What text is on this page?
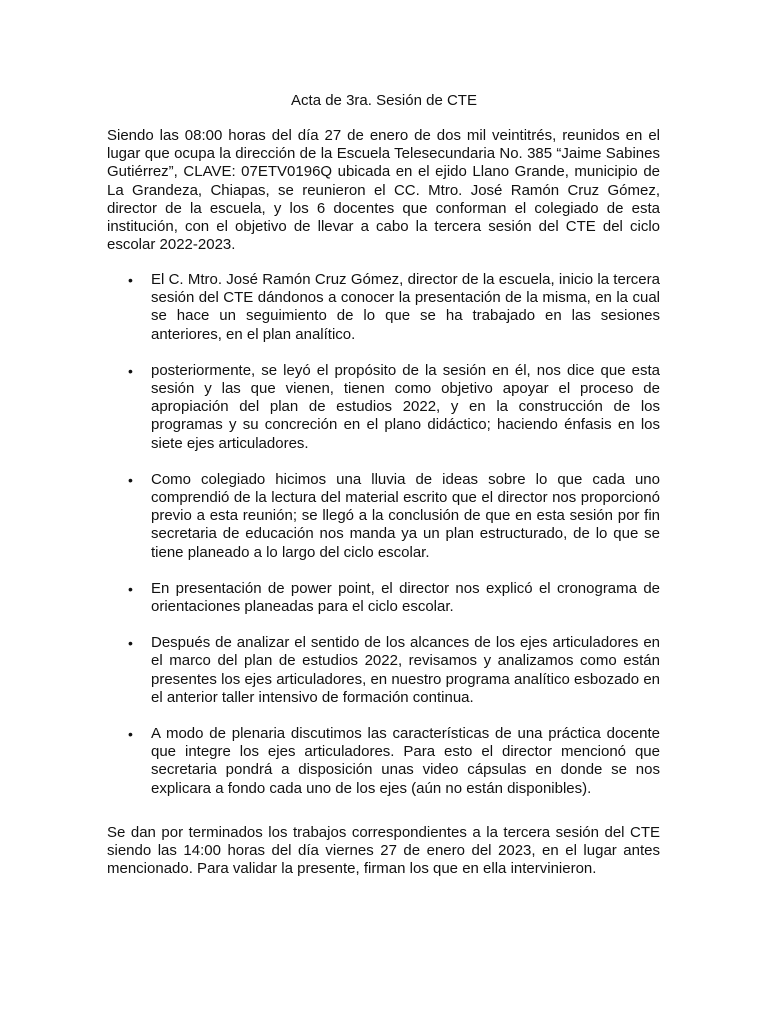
Acta de 3ra. Sesión de CTE

Siendo las 08:00 horas del día 27 de enero de dos mil veintitrés, reunidos en el lugar que ocupa la dirección de la Escuela Telesecundaria No. 385 “Jaime Sabines Gutiérrez”, CLAVE: 07ETV0196Q ubicada en el ejido Llano Grande, municipio de La Grandeza, Chiapas, se reunieron el CC. Mtro. José Ramón Cruz Gómez, director de la escuela, y los 6 docentes que conforman el colegiado de esta institución, con el objetivo de llevar a cabo la tercera sesión del CTE del ciclo escolar 2022-2023.

• El C. Mtro. José Ramón Cruz Gómez, director de la escuela, inicio la tercera sesión del CTE dándonos a conocer la presentación de la misma, en la cual se hace un seguimiento de lo que se ha trabajado en las sesiones anteriores, en el plan analítico.
• posteriormente, se leyó el propósito de la sesión en él, nos dice que esta sesión y las que vienen, tienen como objetivo apoyar el proceso de apropiación del plan de estudios 2022, y en la construcción de los programas y su concreción en el plano didáctico; haciendo énfasis en los siete ejes articuladores.
• Como colegiado hicimos una lluvia de ideas sobre lo que cada uno comprendió de la lectura del material escrito que el director nos proporcionó previo a esta reunión; se llegó a la conclusión de que en esta sesión por fin secretaria de educación nos manda ya un plan estructurado, de lo que se tiene planeado a lo largo del ciclo escolar.
• En presentación de power point, el director nos explicó el cronograma de orientaciones planeadas para el ciclo escolar.
• Después de analizar el sentido de los alcances de los ejes articuladores en el marco del plan de estudios 2022, revisamos y analizamos como están presentes los ejes articuladores, en nuestro programa analítico esbozado en el anterior taller intensivo de formación continua.
• A modo de plenaria discutimos las características de una práctica docente que integre los ejes articuladores. Para esto el director mencionó que secretaria pondrá a disposición unas video cápsulas en donde se nos explicara a fondo cada uno de los ejes (aún no están disponibles).

Se dan por terminados los trabajos correspondientes a la tercera sesión del CTE siendo las 14:00 horas del día viernes 27 de enero del 2023, en el lugar antes mencionado. Para validar la presente, firman los que en ella intervinieron.
